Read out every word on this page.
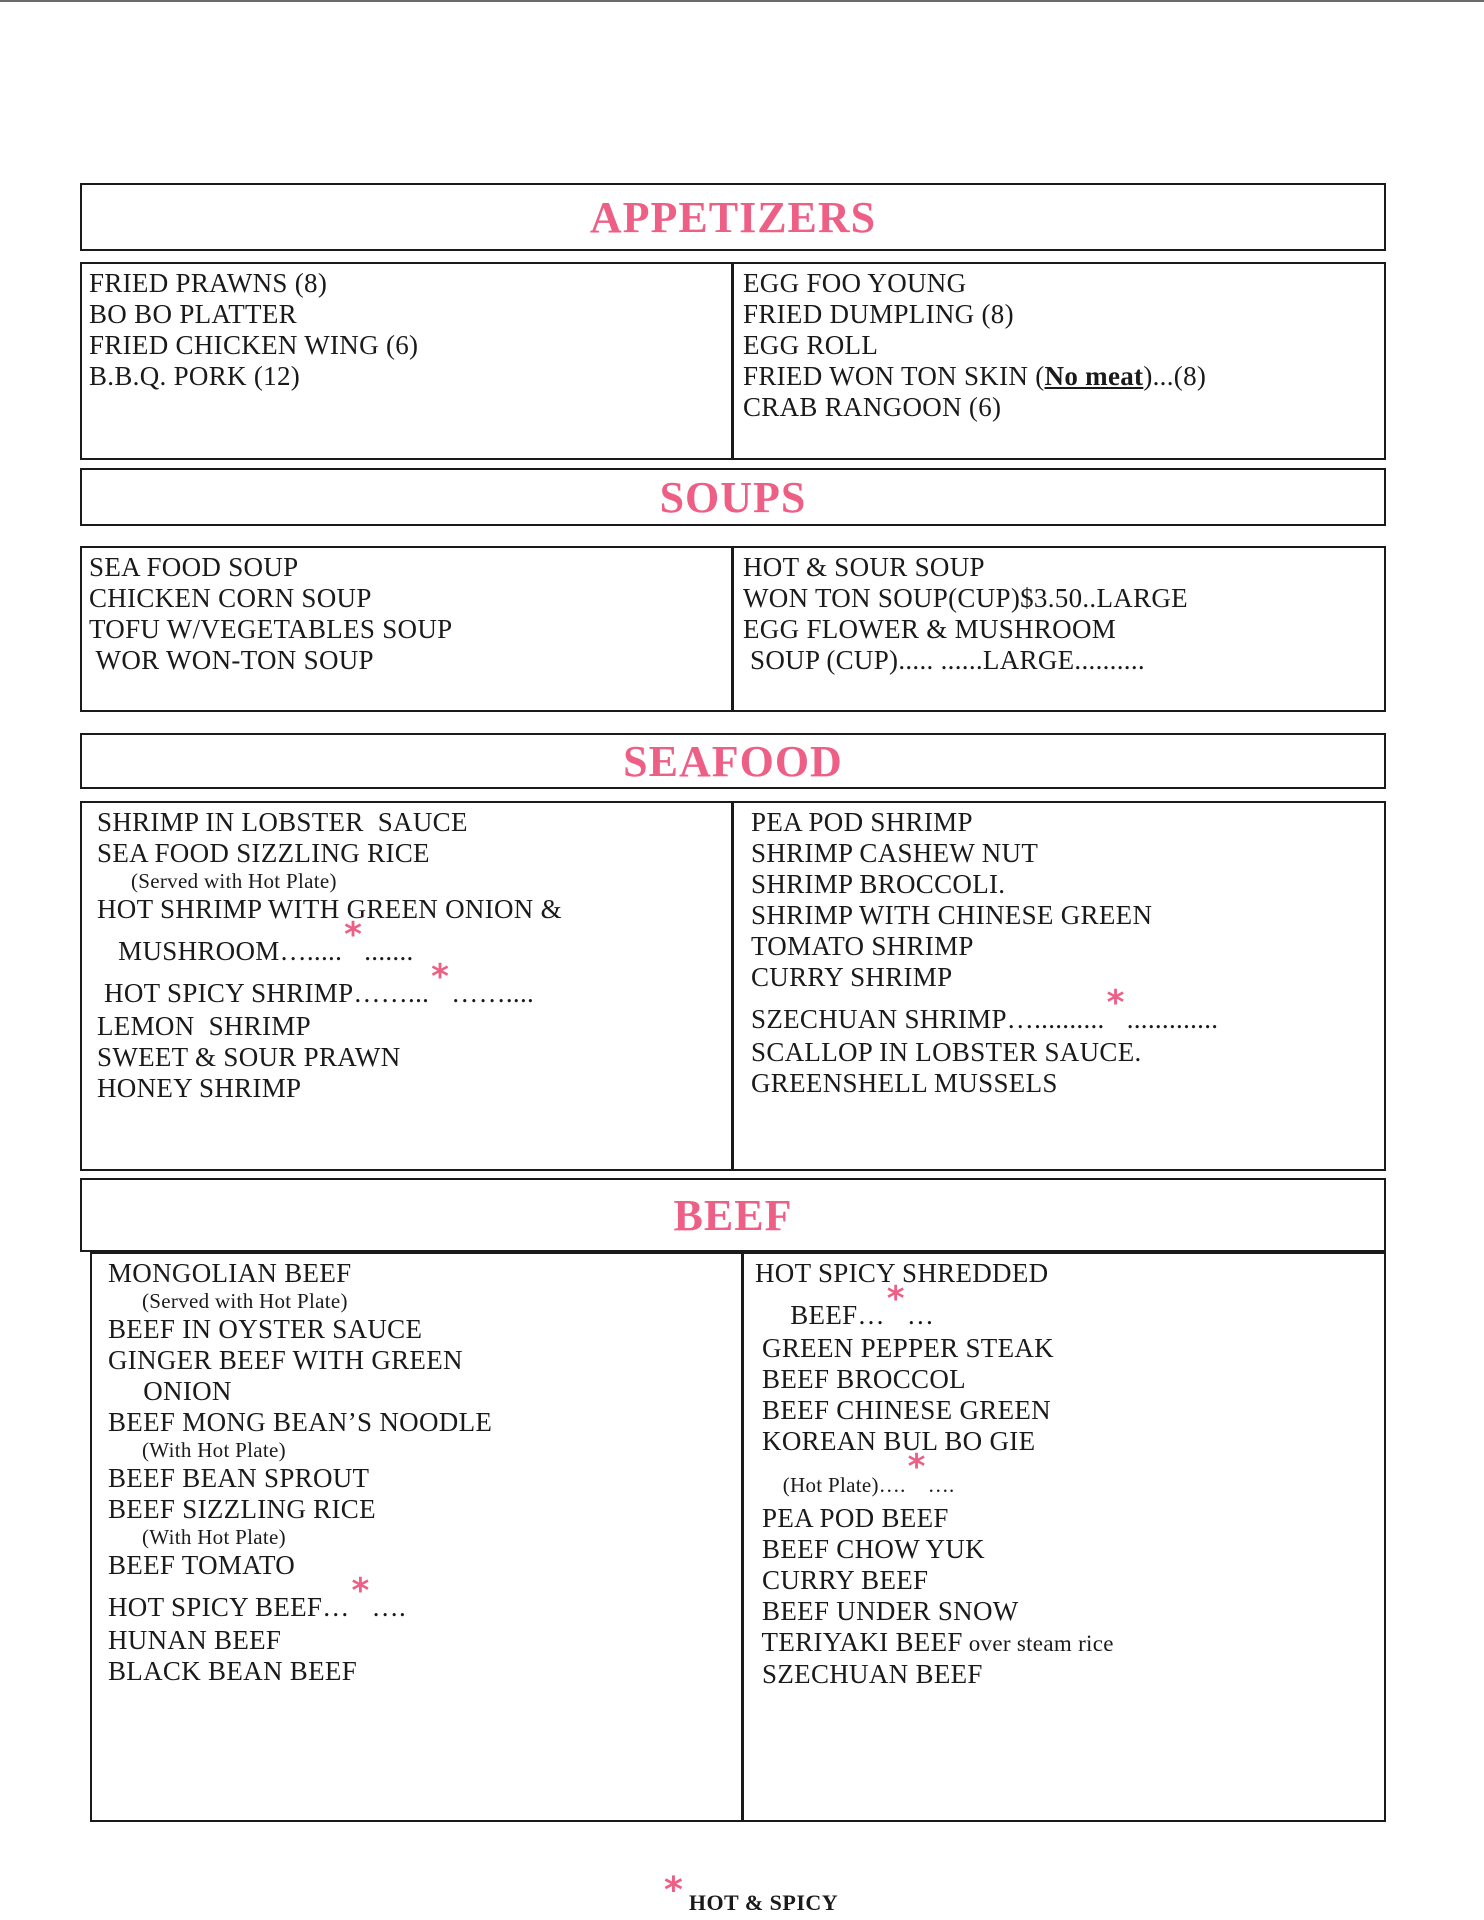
APPETIZERS
FRIED PRAWNS (8)
BO BO PLATTER
FRIED CHICKEN WING (6)
B.B.Q. PORK (12)
EGG FOO YOUNG
FRIED DUMPLING (8)
EGG ROLL
FRIED WON TON SKIN (No meat)...(8)
CRAB RANGOON (6)
SOUPS
SEA FOOD SOUP
CHICKEN CORN SOUP
TOFU W/VEGETABLES SOUP
WOR WON-TON SOUP
HOT & SOUR SOUP
WON TON SOUP(CUP)$3.50..LARGE
EGG FLOWER & MUSHROOM
SOUP (CUP)..... ......LARGE..........
SEAFOOD
SHRIMP IN LOBSTER  SAUCE
SEA FOOD SIZZLING RICE
(Served with Hot Plate)
HOT SHRIMP WITH GREEN ONION &
MUSHROOM….....*.......
HOT SPICY SHRIMP……...*……....
LEMON  SHRIMP
SWEET & SOUR PRAWN
HONEY SHRIMP
PEA POD SHRIMP
SHRIMP CASHEW NUT
SHRIMP BROCCOLI.
SHRIMP WITH CHINESE GREEN
TOMATO SHRIMP
CURRY SHRIMP
SZECHUAN SHRIMP…..........*.............
SCALLOP IN LOBSTER SAUCE.
GREENSHELL MUSSELS
BEEF
MONGOLIAN BEEF
(Served with Hot Plate)
BEEF IN OYSTER SAUCE
GINGER BEEF WITH GREEN
ONION
BEEF MONG BEAN’S NOODLE
(With Hot Plate)
BEEF BEAN SPROUT
BEEF SIZZLING RICE
(With Hot Plate)
BEEF TOMATO
HOT SPICY BEEF…*….
HUNAN BEEF
BLACK BEAN BEEF
HOT SPICY SHREDDED
BEEF…*…
GREEN PEPPER STEAK
BEEF BROCCOL
BEEF CHINESE GREEN
KOREAN BUL BO GIE
(Hot Plate)….*….
PEA POD BEEF
BEEF CHOW YUK
CURRY BEEF
BEEF UNDER SNOW
TERIYAKI BEEF over steam rice
SZECHUAN BEEF
* HOT & SPICY
